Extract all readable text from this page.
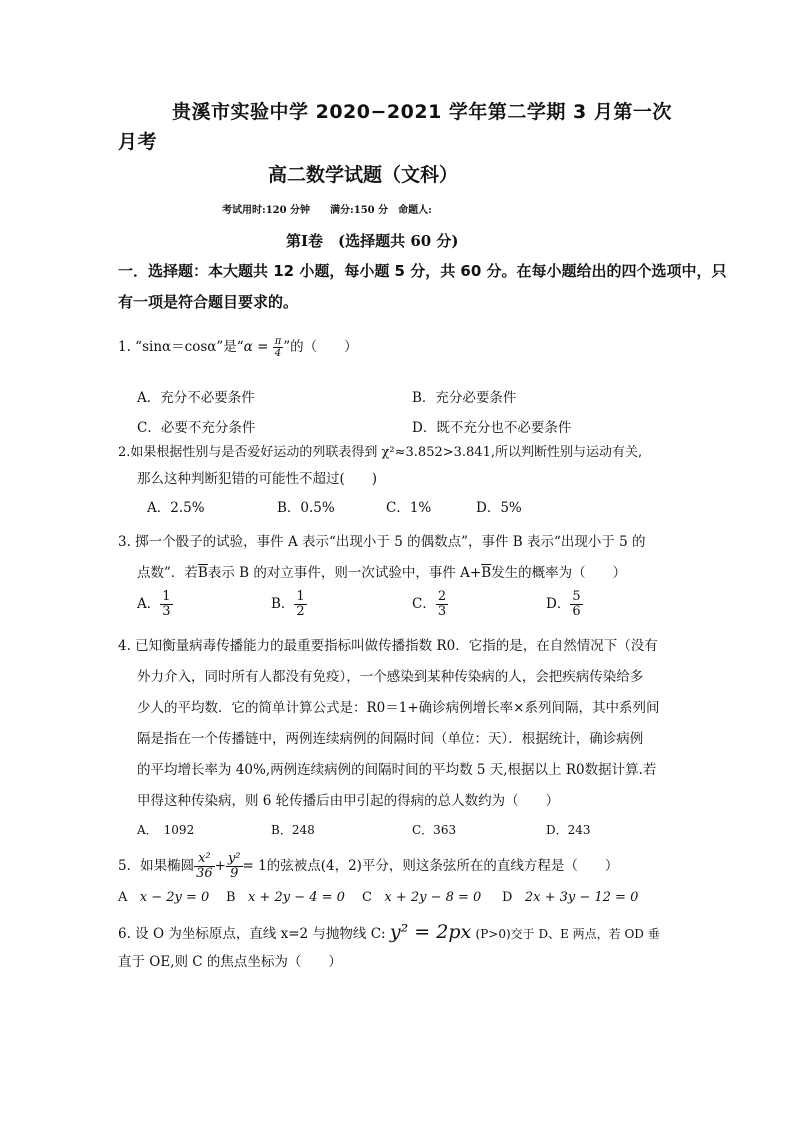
贵溪市实验中学 2020−2021 学年第二学期 3 月第一次
月考
高二数学试题（文科）
考试用时:120 分钟　　满分:150 分　命题人:
第Ⅰ卷　(选择题共 60 分)
一．选择题：本大题共 12 小题，每小题 5 分，共 60 分。在每小题给出的四个选项中，只
有一项是符合题目要求的。
1. “sinα＝cosα”是“$\alpha = \frac{\pi}{4}$ ”的（　　）
A．充分不必要条件	B．充分必要条件
C．必要不充分条件	D．既不充分也不必要条件
2.如果根据性别与是否爱好运动的列联表得到 χ²≈3.852>3.841,所以判断性别与运动有关,
那么这种判断犯错的可能性不超过(　　)
A．2.5%	B．0.5%	C．1%	D．5%
3. 掷一个骰子的试验，事件 A 表示“出现小于 5 的偶数点”，事件 B 表示“出现小于 5 的
点数”．若$\overline{B}$表示 B 的对立事件，则一次试验中，事件 $A+\overline{B}$发生的概率为（　　）
A． $\frac{1}{3}$	B． $\frac{1}{2}$	C． $\frac{2}{3}$	D． $\frac{5}{6}$
4. 已知衡量病毒传播能力的最重要指标叫做传播指数 R0．它指的是，在自然情况下（没有
外力介入，同时所有人都没有免疫），一个感染到某种传染病的人，会把疾病传染给多
少人的平均数．它的简单计算公式是：R0＝1+确诊病例增长率×系列间隔，其中系列间
隔是指在一个传播链中，两例连续病例的间隔时间（单位：天）．根据统计，确诊病例
的平均增长率为 40%,两例连续病例的间隔时间的平均数 5 天,根据以上 R0数据计算.若
甲得这种传染病，则 6 轮传播后由甲引起的得病的总人数约为（　　）
A．　1092	B．248	C．363	D．243
5．如果椭圆 $\frac{\text{x²}}{36} + \frac{\text{y²}}{9} = 1$的弦被点(4，2)平分，则这条弦所在的直线方程是（　　）
A x − 2y = 0 B x + 2y − 4 = 0 C x + 2y − 8 = 0 D 2x + 3y − 12 = 0
6. 设 O 为坐标原点，直线 x=2 与抛物线 C: y² = 2px (P>0)交于 D、E 两点，若 OD 垂
直于 OE,则 C 的焦点坐标为（　　）
